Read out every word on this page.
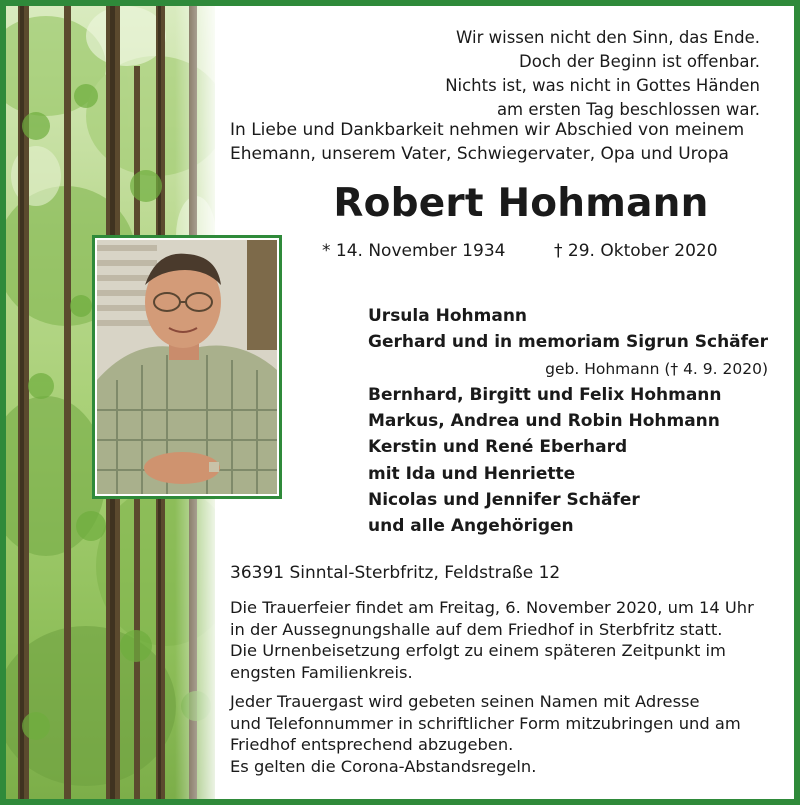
Wir wissen nicht den Sinn, das Ende.
Doch der Beginn ist offenbar.
Nichts ist, was nicht in Gottes Händen
am ersten Tag beschlossen war.
In Liebe und Dankbarkeit nehmen wir Abschied von meinem
Ehemann, unserem Vater, Schwiegervater, Opa und Uropa
Robert Hohmann
* 14. November 1934	† 29. Oktober 2020
Ursula Hohmann
Gerhard und in memoriam Sigrun Schäfer
geb. Hohmann († 4. 9. 2020)
Bernhard, Birgitt und Felix Hohmann
Markus, Andrea und Robin Hohmann
Kerstin und René Eberhard
mit Ida und Henriette
Nicolas und Jennifer Schäfer
und alle Angehörigen
36391 Sinntal-Sterbfritz, Feldstraße 12
Die Trauerfeier findet am Freitag, 6. November 2020, um 14 Uhr
in der Aussegnungshalle auf dem Friedhof in Sterbfritz statt.
Die Urnenbeisetzung erfolgt zu einem späteren Zeitpunkt im
engsten Familienkreis.
Jeder Trauergast wird gebeten seinen Namen mit Adresse
und Telefonnummer in schriftlicher Form mitzubringen und am
Friedhof entsprechend abzugeben.
Es gelten die Corona-Abstandsregeln.
